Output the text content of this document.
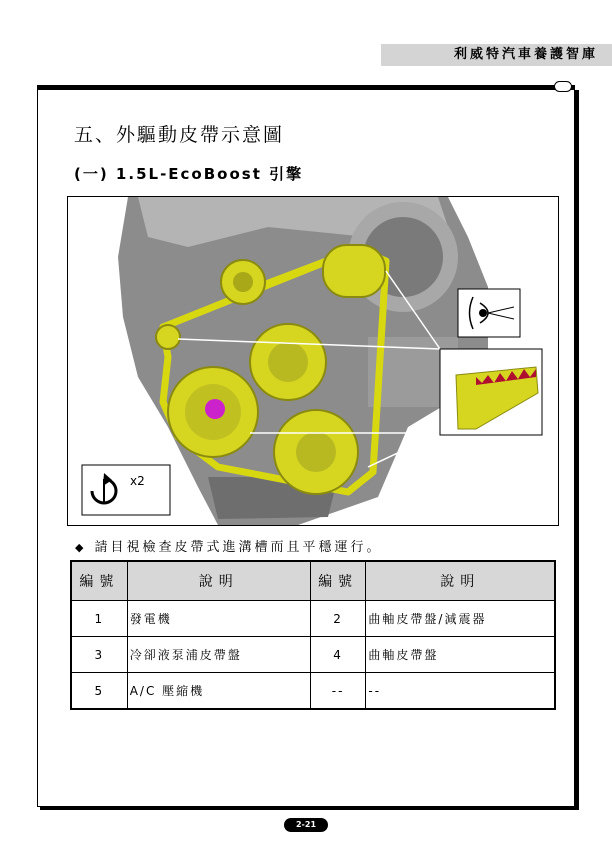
利威特汽車養護智庫
五、外驅動皮帶示意圖
(一) 1.5L-EcoBoost 引擎
x2
◆ 請目視檢查皮帶式進溝槽而且平穩運行。
編號	說明	編號	說明
1	發電機	2	曲軸皮帶盤/減震器
3	冷卻液泵浦皮帶盤	4	曲軸皮帶盤
5	A/C 壓縮機	--	--
2-21
